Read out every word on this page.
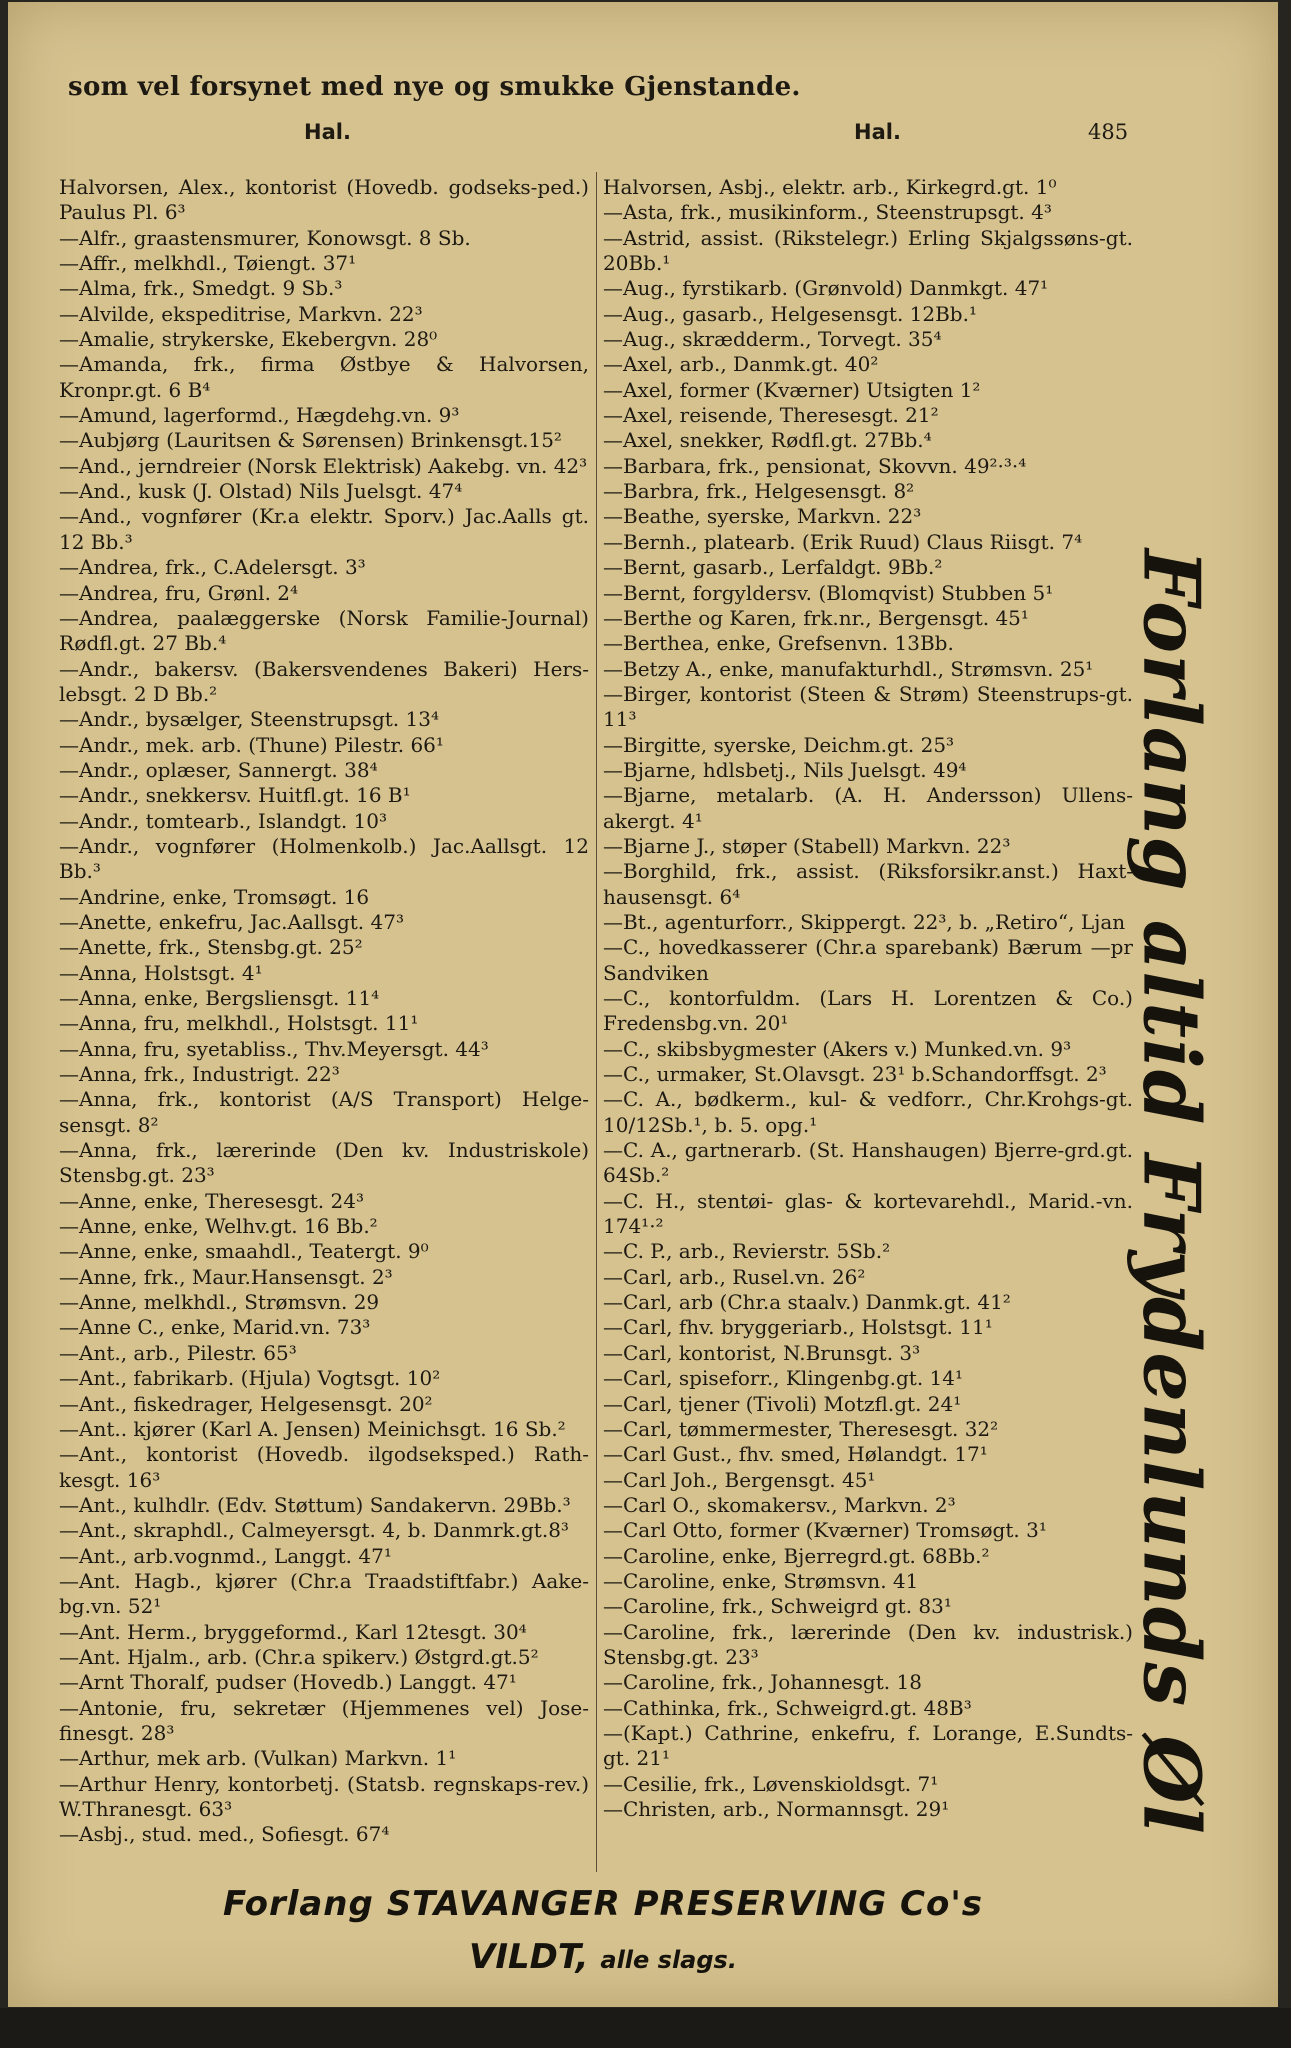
som vel forsynet med nye og smukke Gjenstande.
Hal.	Hal.	485
Halvorsen, Alex., kontorist (Hovedb. godseks-ped.) Paulus Pl. 6³
—Alfr., graastensmurer, Konowsgt. 8 Sb.
—Affr., melkhdl., Tøiengt. 37¹
—Alma, frk., Smedgt. 9 Sb.³
—Alvilde, ekspeditrise, Markvn. 22³
—Amalie, strykerske, Ekebergvn. 28⁰
—Amanda, frk., firma Østbye & Halvorsen, Kronpr.gt. 6 B⁴
—Amund, lagerformd., Hægdehg.vn. 9³
—Aubjørg (Lauritsen & Sørensen) Brinkensgt.15²
—And., jerndreier (Norsk Elektrisk) Aakebg. vn. 42³
—And., kusk (J. Olstad) Nils Juelsgt. 47⁴
—And., vognfører (Kr.a elektr. Sporv.) Jac.Aalls gt. 12 Bb.³
—Andrea, frk., C.Adelersgt. 3³
—Andrea, fru, Grønl. 2⁴
—Andrea, paalæggerske (Norsk Familie-Journal) Rødfl.gt. 27 Bb.⁴
—Andr., bakersv. (Bakersvendenes Bakeri) Hers-lebsgt. 2 D Bb.²
—Andr., bysælger, Steenstrupsgt. 13⁴
—Andr., mek. arb. (Thune) Pilestr. 66¹
—Andr., oplæser, Sannergt. 38⁴
—Andr., snekkersv. Huitfl.gt. 16 B¹
—Andr., tomtearb., Islandgt. 10³
—Andr., vognfører (Holmenkolb.) Jac.Aallsgt. 12 Bb.³
—Andrine, enke, Tromsøgt. 16
—Anette, enkefru, Jac.Aallsgt. 47³
—Anette, frk., Stensbg.gt. 25²
—Anna, Holstsgt. 4¹
—Anna, enke, Bergsliensgt. 11⁴
—Anna, fru, melkhdl., Holstsgt. 11¹
—Anna, fru, syetabliss., Thv.Meyersgt. 44³
—Anna, frk., Industrigt. 22³
—Anna, frk., kontorist (A/S Transport) Helge-sensgt. 8²
—Anna, frk., lærerinde (Den kv. Industriskole) Stensbg.gt. 23³
—Anne, enke, Theresesgt. 24³
—Anne, enke, Welhv.gt. 16 Bb.²
—Anne, enke, smaahdl., Teatergt. 9⁰
—Anne, frk., Maur.Hansensgt. 2³
—Anne, melkhdl., Strømsvn. 29
—Anne C., enke, Marid.vn. 73³
—Ant., arb., Pilestr. 65³
—Ant., fabrikarb. (Hjula) Vogtsgt. 10²
—Ant., fiskedrager, Helgesensgt. 20²
—Ant.. kjører (Karl A. Jensen) Meinichsgt. 16 Sb.²
—Ant., kontorist (Hovedb. ilgodseksped.) Rath-kesgt. 16³
—Ant., kulhdlr. (Edv. Støttum) Sandakervn. 29Bb.³
—Ant., skraphdl., Calmeyersgt. 4, b. Danmrk.gt.8³
—Ant., arb.vognmd., Langgt. 47¹
—Ant. Hagb., kjører (Chr.a Traadstiftfabr.) Aake-bg.vn. 52¹
—Ant. Herm., bryggeformd., Karl 12tesgt. 30⁴
—Ant. Hjalm., arb. (Chr.a spikerv.) Østgrd.gt.5²
—Arnt Thoralf, pudser (Hovedb.) Langgt. 47¹
—Antonie, fru, sekretær (Hjemmenes vel) Jose-finesgt. 28³
—Arthur, mek arb. (Vulkan) Markvn. 1¹
—Arthur Henry, kontorbetj. (Statsb. regnskaps-rev.) W.Thranesgt. 63³
—Asbj., stud. med., Sofiesgt. 67⁴
Halvorsen, Asbj., elektr. arb., Kirkegrd.gt. 1⁰
—Asta, frk., musikinform., Steenstrupsgt. 4³
—Astrid, assist. (Rikstelegr.) Erling Skjalgssøns-gt. 20Bb.¹
—Aug., fyrstikarb. (Grønvold) Danmkgt. 47¹
—Aug., gasarb., Helgesensgt. 12Bb.¹
—Aug., skrædderm., Torvegt. 35⁴
—Axel, arb., Danmk.gt. 40²
—Axel, former (Kværner) Utsigten 1²
—Axel, reisende, Theresesgt. 21²
—Axel, snekker, Rødfl.gt. 27Bb.⁴
—Barbara, frk., pensionat, Skovvn. 49²·³·⁴
—Barbra, frk., Helgesensgt. 8²
—Beathe, syerske, Markvn. 22³
—Bernh., platearb. (Erik Ruud) Claus Riisgt. 7⁴
—Bernt, gasarb., Lerfaldgt. 9Bb.²
—Bernt, forgyldersv. (Blomqvist) Stubben 5¹
—Berthe og Karen, frk.nr., Bergensgt. 45¹
—Berthea, enke, Grefsenvn. 13Bb.
—Betzy A., enke, manufakturhdl., Strømsvn. 25¹
—Birger, kontorist (Steen & Strøm) Steenstrups-gt. 11³
—Birgitte, syerske, Deichm.gt. 25³
—Bjarne, hdlsbetj., Nils Juelsgt. 49⁴
—Bjarne, metalarb. (A. H. Andersson) Ullens-akergt. 4¹
—Bjarne J., støper (Stabell) Markvn. 22³
—Borghild, frk., assist. (Riksforsikr.anst.) Haxt-hausensgt. 6⁴
—Bt., agenturforr., Skippergt. 22³, b. „Retiro“, Ljan
—C., hovedkasserer (Chr.a sparebank) Bærum —pr Sandviken
—C., kontorfuldm. (Lars H. Lorentzen & Co.) Fredensbg.vn. 20¹
—C., skibsbygmester (Akers v.) Munked.vn. 9³
—C., urmaker, St.Olavsgt. 23¹ b.Schandorffsgt. 2³
—C. A., bødkerm., kul- & vedforr., Chr.Krohgs-gt. 10/12Sb.¹, b. 5. opg.¹
—C. A., gartnerarb. (St. Hanshaugen) Bjerre-grd.gt. 64Sb.²
—C. H., stentøi- glas- & kortevarehdl., Marid.-vn. 174¹·²
—C. P., arb., Revierstr. 5Sb.²
—Carl, arb., Rusel.vn. 26²
—Carl, arb (Chr.a staalv.) Danmk.gt. 41²
—Carl, fhv. bryggeriarb., Holstsgt. 11¹
—Carl, kontorist, N.Brunsgt. 3³
—Carl, spiseforr., Klingenbg.gt. 14¹
—Carl, tjener (Tivoli) Motzfl.gt. 24¹
—Carl, tømmermester, Theresesgt. 32²
—Carl Gust., fhv. smed, Hølandgt. 17¹
—Carl Joh., Bergensgt. 45¹
—Carl O., skomakersv., Markvn. 2³
—Carl Otto, former (Kværner) Tromsøgt. 3¹
—Caroline, enke, Bjerregrd.gt. 68Bb.²
—Caroline, enke, Strømsvn. 41
—Caroline, frk., Schweigrd gt. 83¹
—Caroline, frk., lærerinde (Den kv. industrisk.) Stensbg.gt. 23³
—Caroline, frk., Johannesgt. 18
—Cathinka, frk., Schweigrd.gt. 48B³
—(Kapt.) Cathrine, enkefru, f. Lorange, E.Sundts-gt. 21¹
—Cesilie, frk., Løvenskioldsgt. 7¹
—Christen, arb., Normannsgt. 29¹	Forlang altid Frydenlunds Øl
Forlang STAVANGER PRESERVING Co's
VILDT, alle slags.
